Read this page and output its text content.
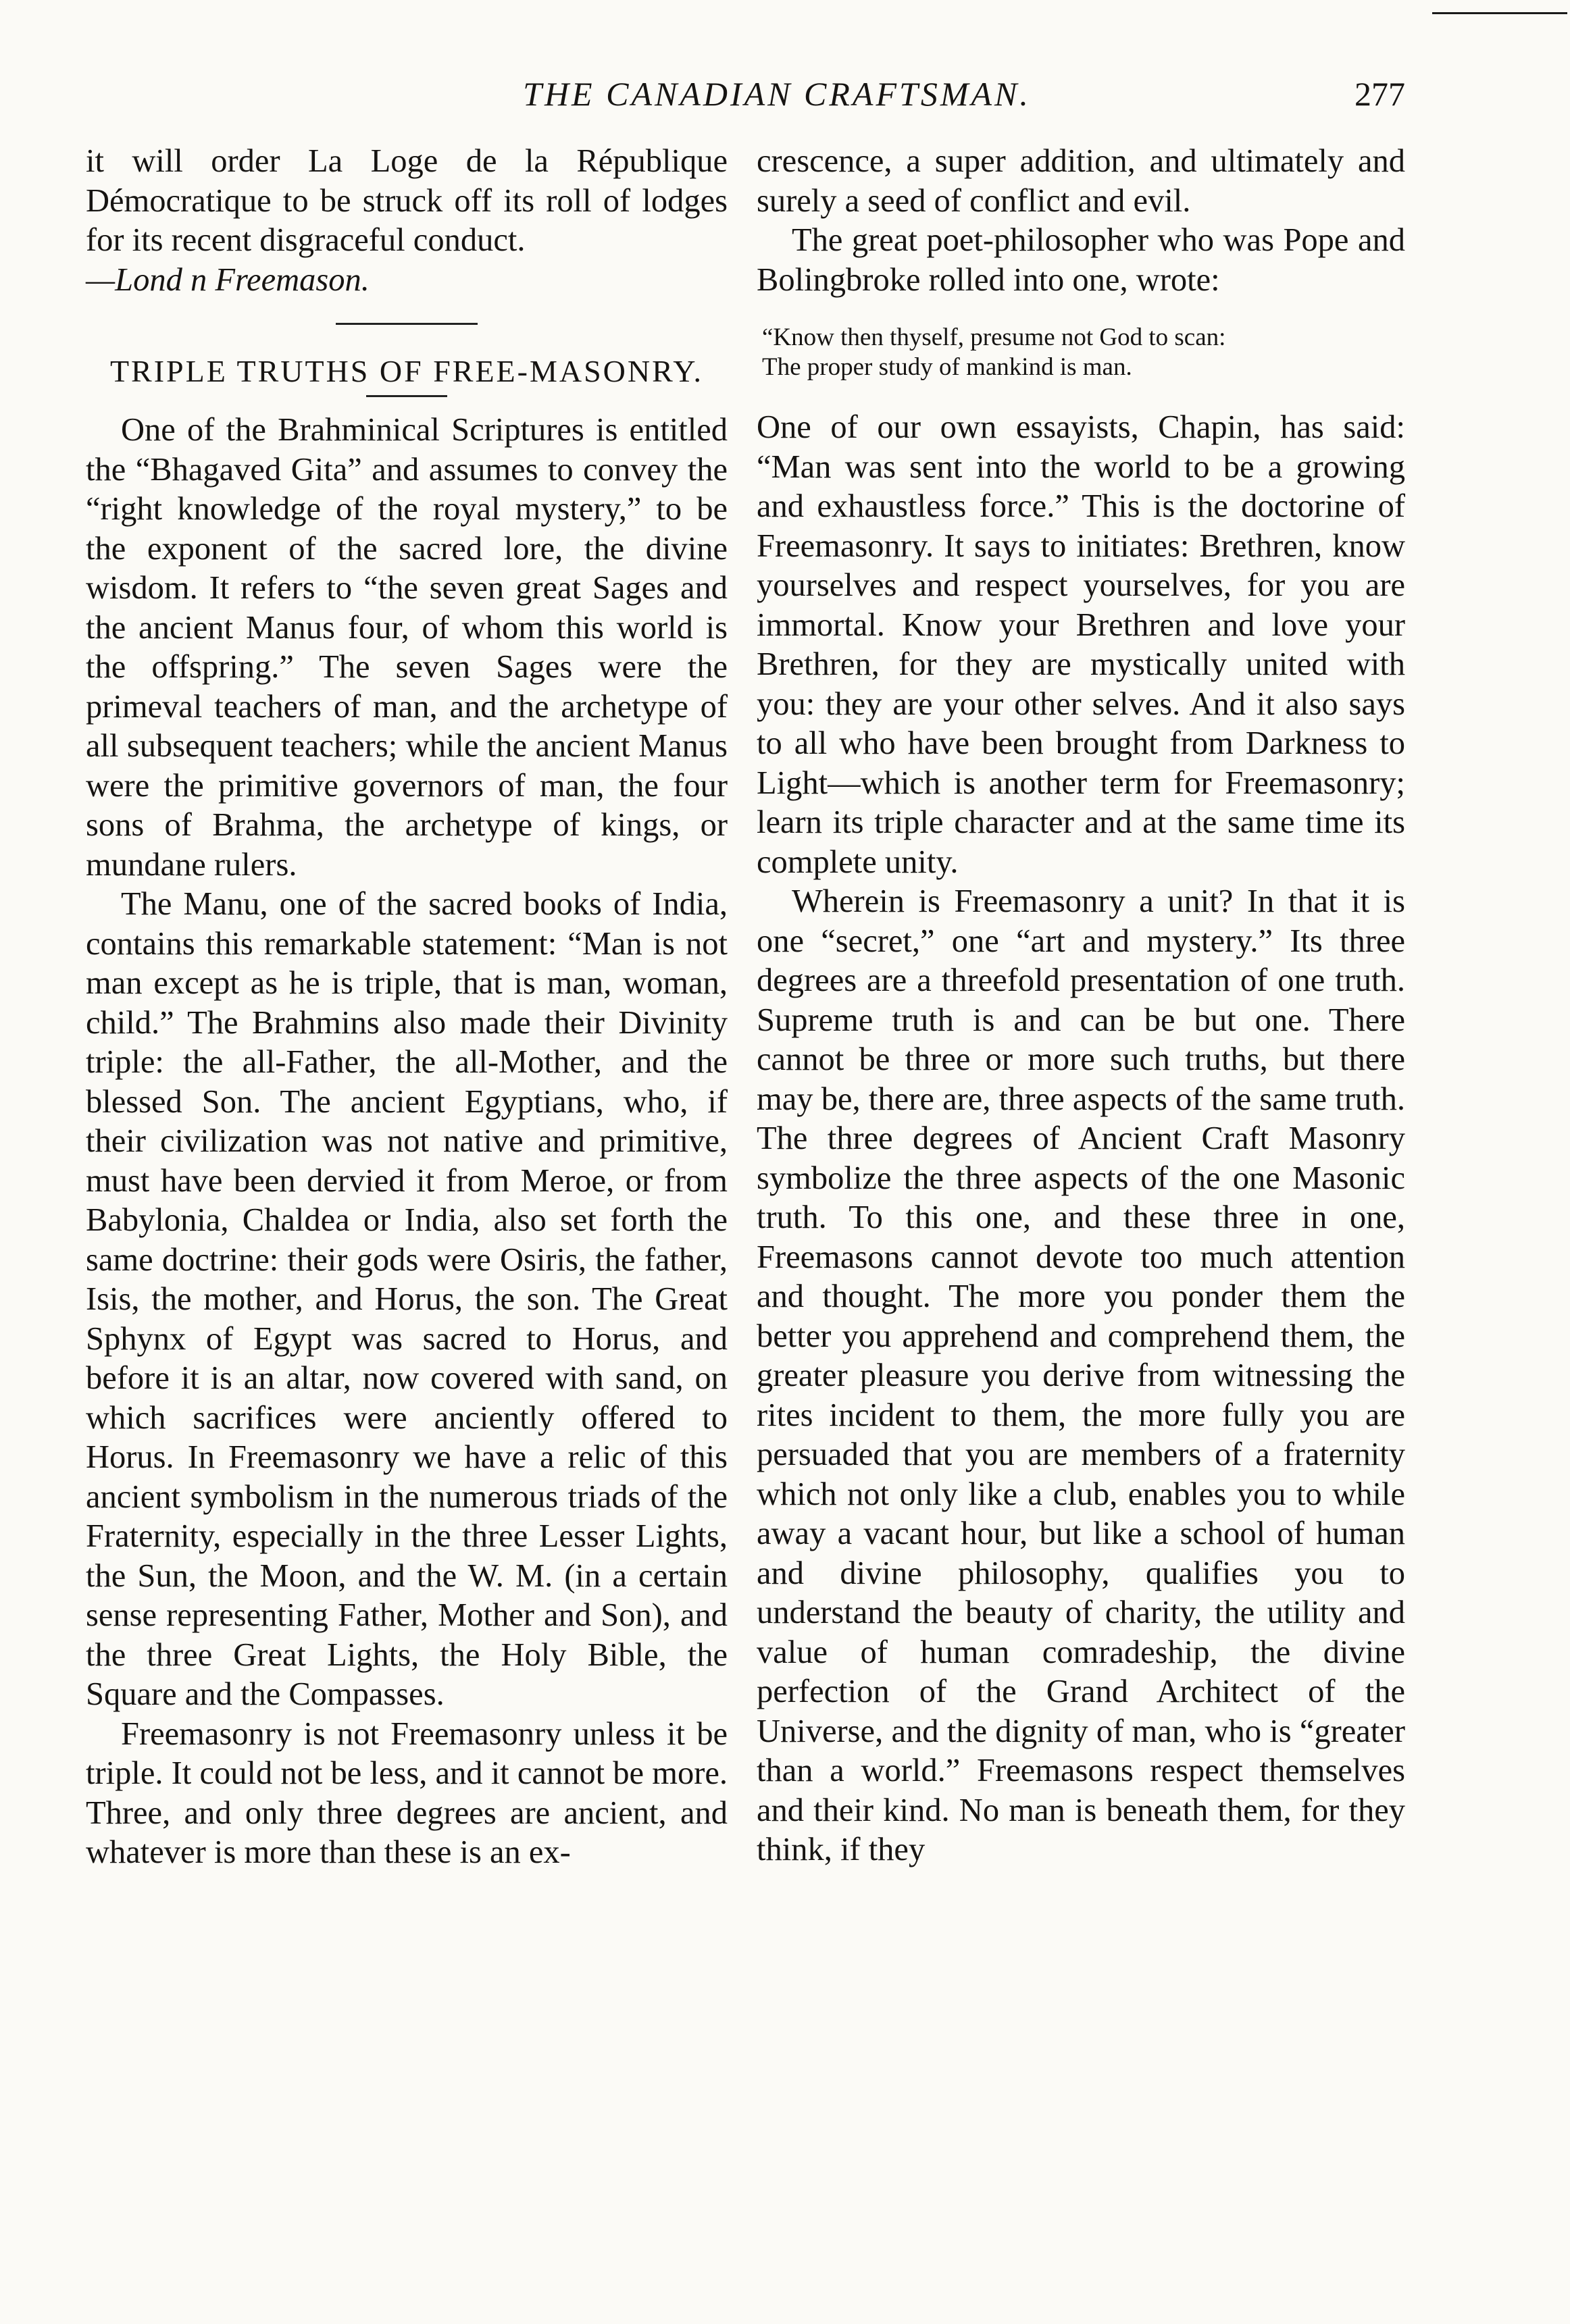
THE CANADIAN CRAFTSMAN.	277

it will order La Loge de la République Démocratique to be struck off its roll of lodges for its recent disgraceful conduct.

—Lond n Freemason.

TRIPLE TRUTHS OF FREE-MASONRY.

One of the Brahminical Scriptures is entitled the “Bhagaved Gita” and assumes to convey the “right knowledge of the royal mystery,” to be the exponent of the sacred lore, the divine wisdom. It refers to “the seven great Sages and the ancient Manus four, of whom this world is the offspring.” The seven Sages were the primeval teachers of man, and the archetype of all subsequent teachers; while the ancient Manus were the primitive governors of man, the four sons of Brahma, the archetype of kings, or mundane rulers.

The Manu, one of the sacred books of India, contains this remarkable statement: “Man is not man except as he is triple, that is man, woman, child.” The Brahmins also made their Divinity triple: the all-Father, the all-Mother, and the blessed Son. The ancient Egyptians, who, if their civilization was not native and primitive, must have been dervied it from Meroe, or from Babylonia, Chaldea or India, also set forth the same doctrine: their gods were Osiris, the father, Isis, the mother, and Horus, the son. The Great Sphynx of Egypt was sacred to Horus, and before it is an altar, now covered with sand, on which sacrifices were anciently offered to Horus. In Freemasonry we have a relic of this ancient symbolism in the numerous triads of the Fraternity, especially in the three Lesser Lights, the Sun, the Moon, and the W. M. (in a certain sense representing Father, Mother and Son), and the three Great Lights, the Holy Bible, the Square and the Compasses.

Freemasonry is not Freemasonry unless it be triple. It could not be less, and it cannot be more. Three, and only three degrees are ancient, and whatever is more than these is an ex-

crescence, a super addition, and ultimately and surely a seed of conflict and evil.

The great poet-philosopher who was Pope and Bolingbroke rolled into one, wrote:

“Know then thyself, presume not God to scan:
The proper study of mankind is man.

One of our own essayists, Chapin, has said: “Man was sent into the world to be a growing and exhaustless force.” This is the doctorine of Freemasonry. It says to initiates: Brethren, know yourselves and respect yourselves, for you are immortal. Know your Brethren and love your Brethren, for they are mystically united with you: they are your other selves. And it also says to all who have been brought from Darkness to Light—which is another term for Freemasonry; learn its triple character and at the same time its complete unity.

Wherein is Freemasonry a unit? In that it is one “secret,” one “art and mystery.” Its three degrees are a threefold presentation of one truth. Supreme truth is and can be but one. There cannot be three or more such truths, but there may be, there are, three aspects of the same truth. The three degrees of Ancient Craft Masonry symbolize the three aspects of the one Masonic truth. To this one, and these three in one, Freemasons cannot devote too much attention and thought. The more you ponder them the better you apprehend and comprehend them, the greater pleasure you derive from witnessing the rites incident to them, the more fully you are persuaded that you are members of a fraternity which not only like a club, enables you to while away a vacant hour, but like a school of human and divine philosophy, qualifies you to understand the beauty of charity, the utility and value of human comradeship, the divine perfection of the Grand Architect of the Universe, and the dignity of man, who is “greater than a world.” Freemasons respect themselves and their kind. No man is beneath them, for they think, if they
